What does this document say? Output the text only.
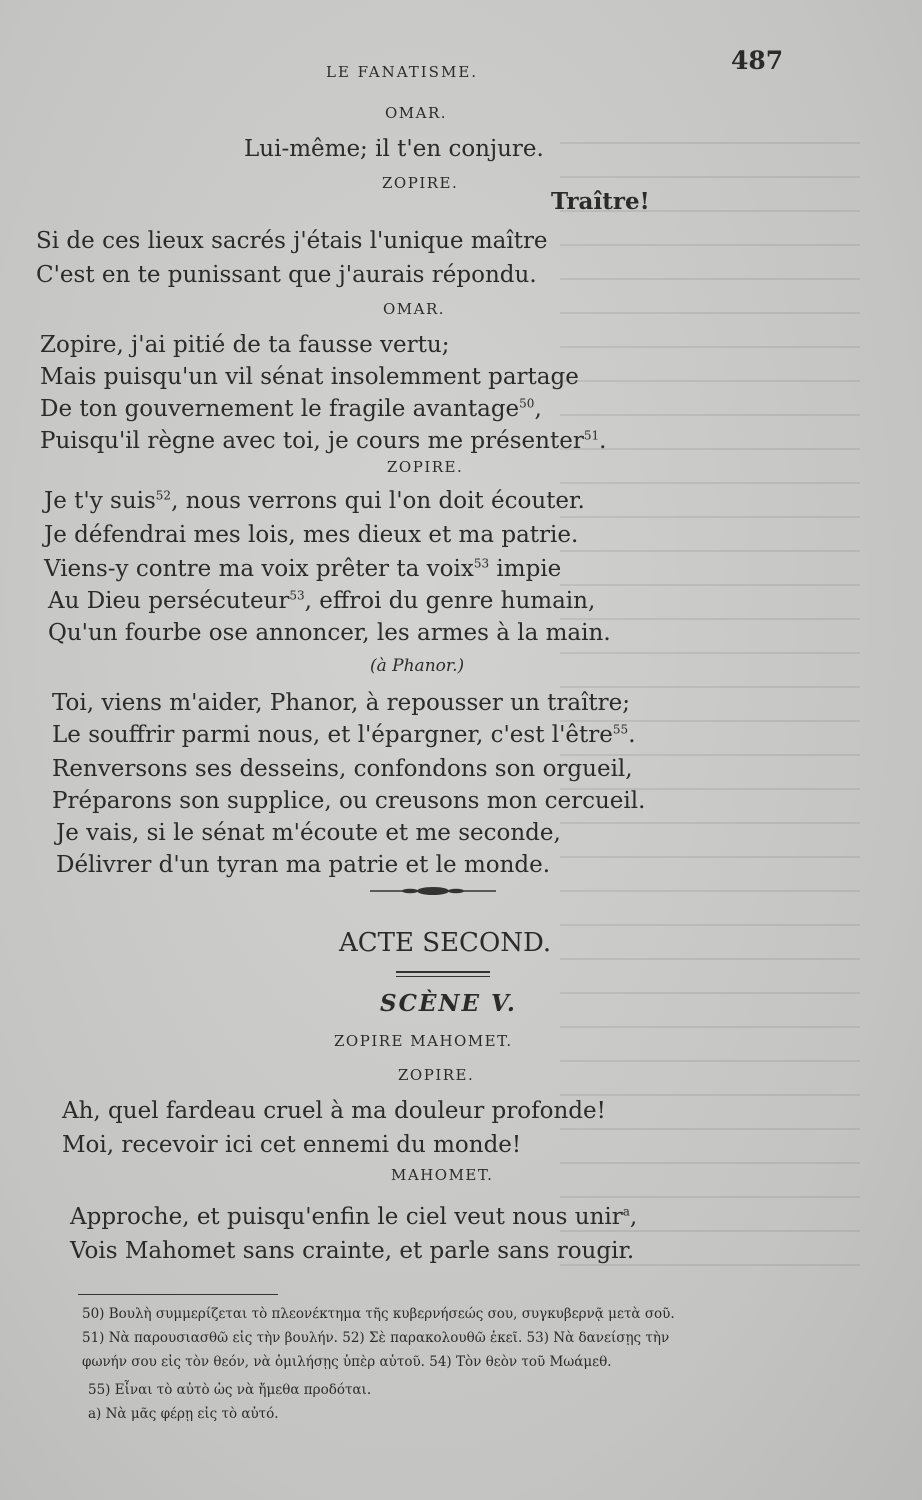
LE FANATISME.	487
OMAR.
Lui-même; il t'en conjure.
ZOPIRE.
Traître!
Si de ces lieux sacrés j'étais l'unique maître
C'est en te punissant que j'aurais répondu.
OMAR.
Zopire, j'ai pitié de ta fausse vertu;
Mais puisqu'un vil sénat insolemment partage
De ton gouvernement le fragile avantage$^{50}$,
Puisqu'il règne avec toi, je cours me présenter$^{51}$.
ZOPIRE.
Je t'y suis$^{52}$, nous verrons qui l'on doit écouter.
Je défendrai mes lois, mes dieux et ma patrie.
Viens-y contre ma voix prêter ta voix$^{53}$ impie
Au Dieu persécuteur$^{53}$, effroi du genre humain,
Qu'un fourbe ose annoncer, les armes à la main.
(à Phanor.)
Toi, viens m'aider, Phanor, à repousser un traître;
Le souffrir parmi nous, et l'épargner, c'est l'être$^{55}$.
Renversons ses desseins, confondons son orgueil,
Préparons son supplice, ou creusons mon cercueil.
Je vais, si le sénat m'écoute et me seconde,
Délivrer d'un tyran ma patrie et le monde.
ACTE SECOND.
SCÈNE V.
ZOPIRE MAHOMET.
ZOPIRE.
Ah, quel fardeau cruel à ma douleur profonde!
Moi, recevoir ici cet ennemi du monde!
MAHOMET.
Approche, et puisqu'enfin le ciel veut nous unir$^a$,
Vois Mahomet sans crainte, et parle sans rougir.
50) Βουλὴ συμμερίζεται τὸ πλεονέκτημα τῆς κυβερνήσεώς σου, συγκυβερνᾷ μετὰ σοῦ.
51) Νὰ παρουσιασθῶ εἰς τὴν βουλήν. 52) Σὲ παρακολουθῶ ἐκεῖ. 53) Νὰ δανείσῃς τὴν
φωνήν σου εἰς τὸν θεόν, νὰ ὁμιλήσῃς ὑπὲρ αὐτοῦ. 54) Τὸν θεὸν τοῦ Μωάμεθ.
55) Εἶναι τὸ αὐτὸ ὡς νὰ ἤμεθα προδόται.
a) Νὰ μᾶς φέρῃ εἰς τὸ αὐτό.
